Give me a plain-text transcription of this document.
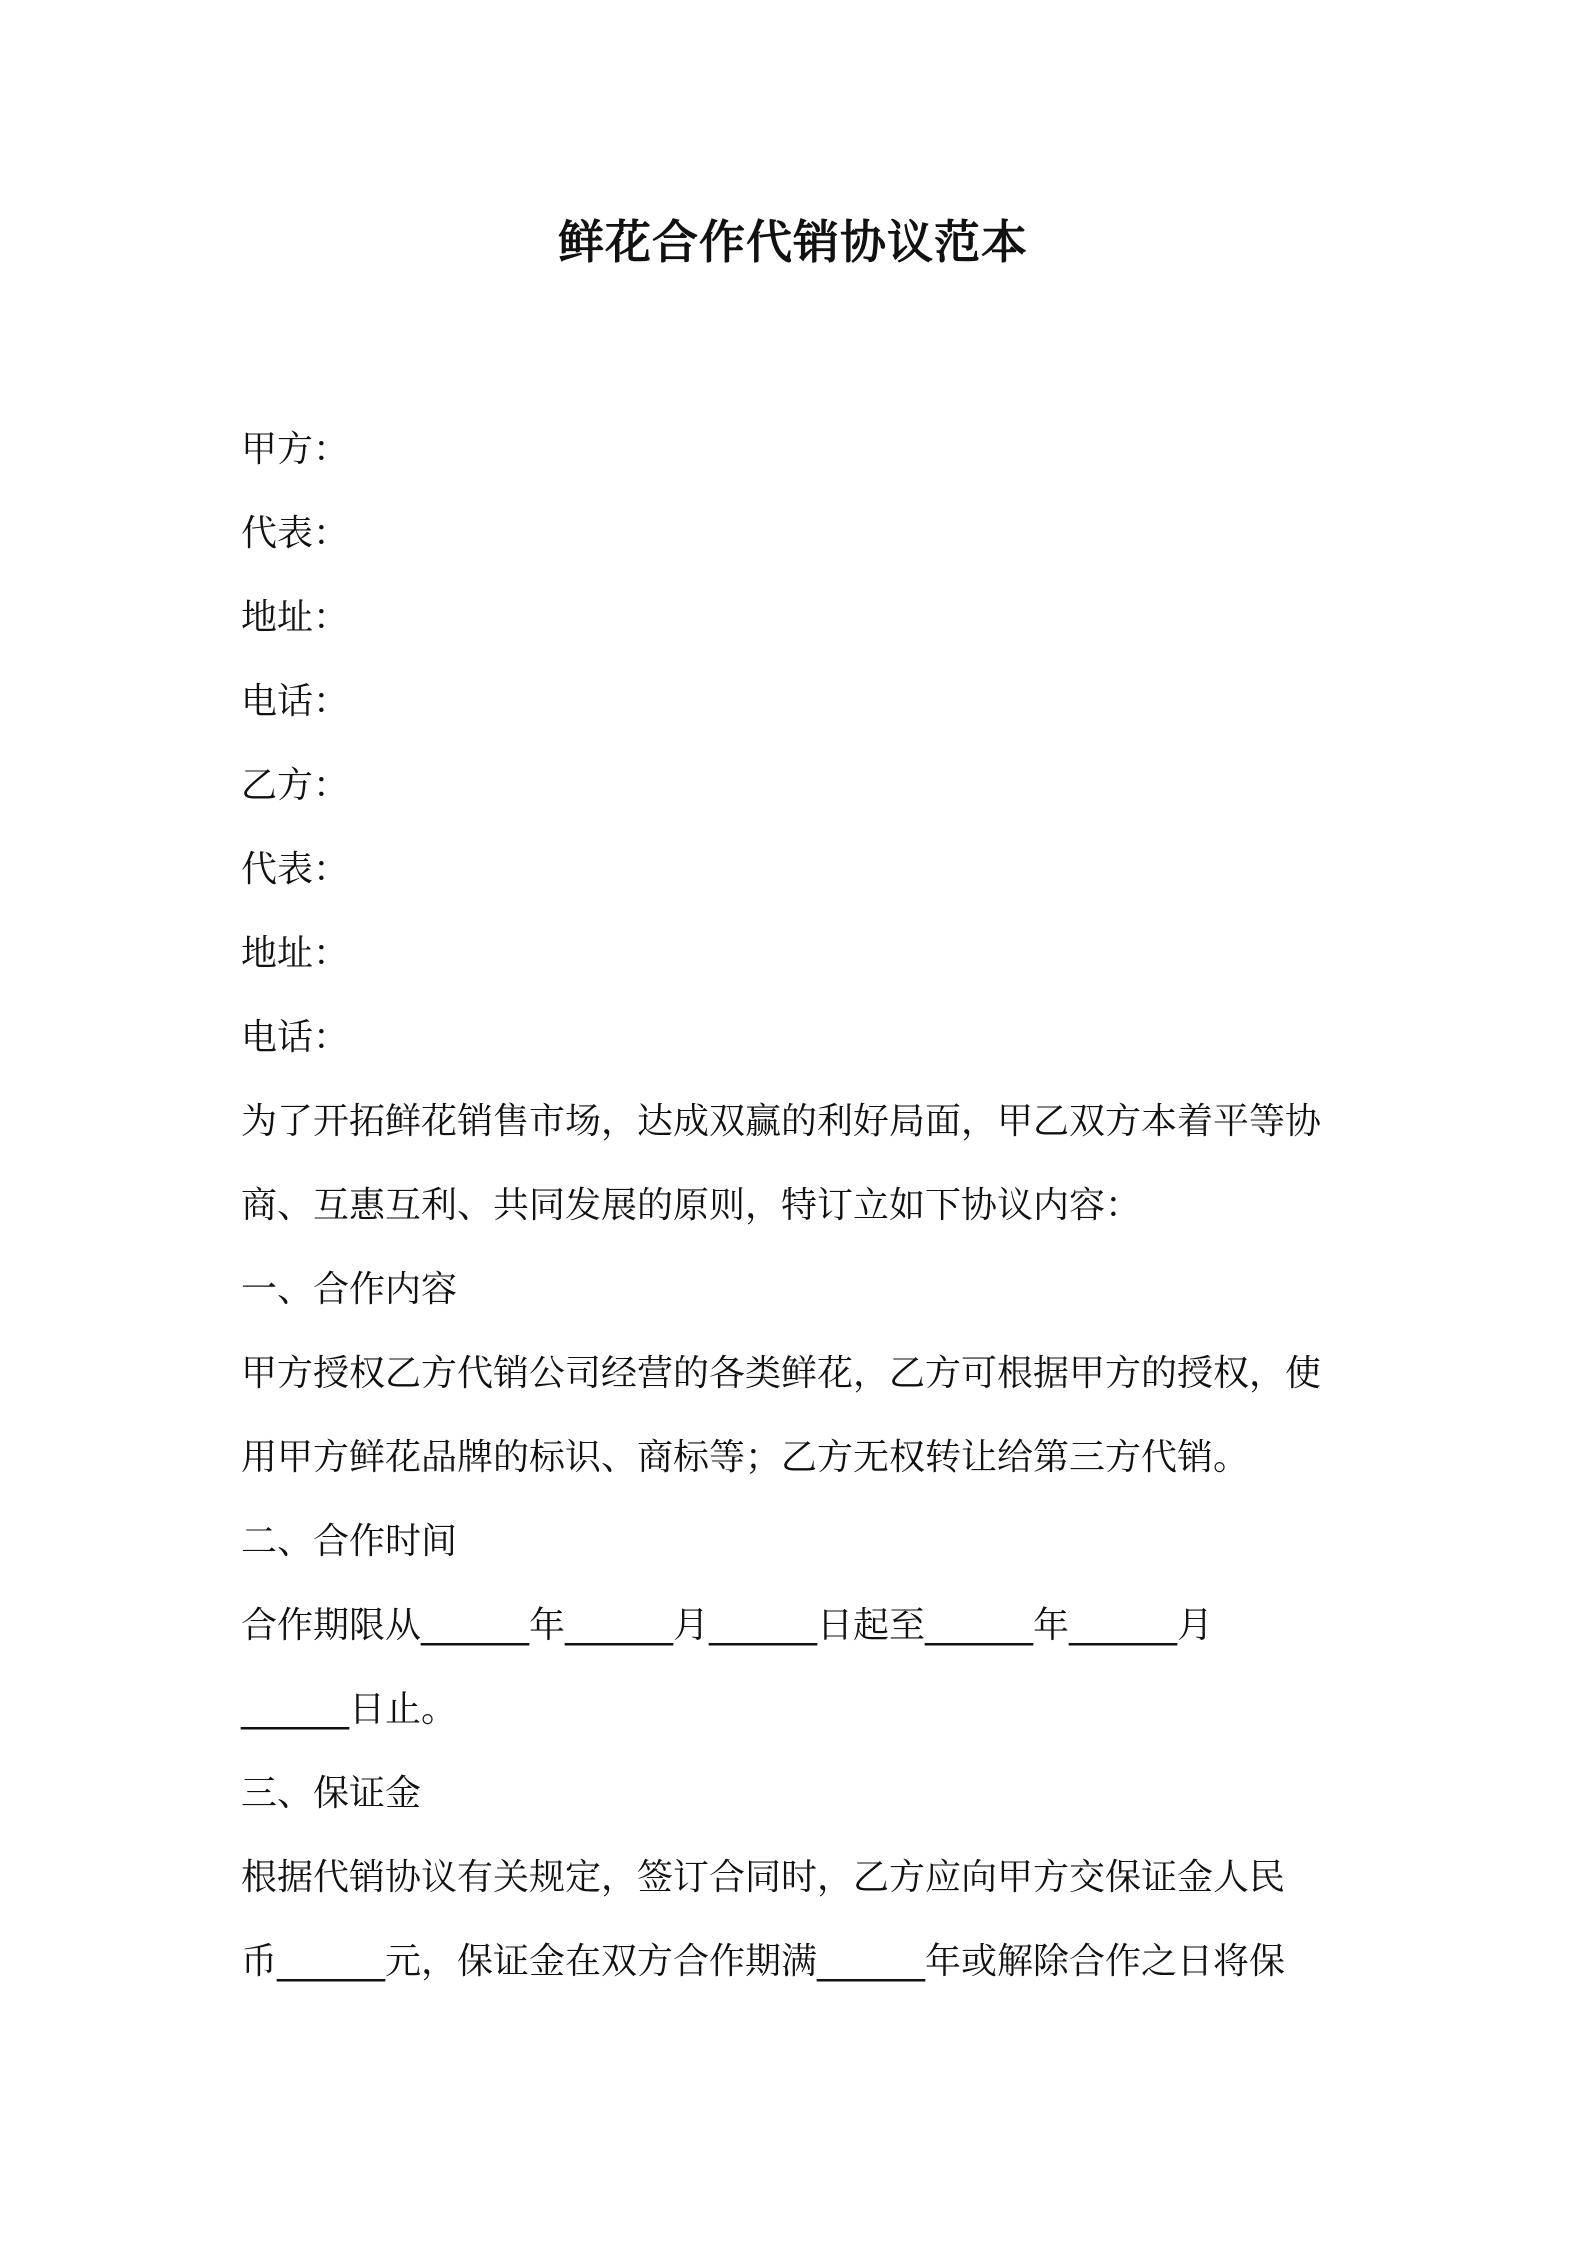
鲜花合作代销协议范本
甲方：
代表：
地址：
电话：
乙方：
代表：
地址：
电话：
为了开拓鲜花销售市场，达成双赢的利好局面，甲乙双方本着平等协
商、互惠互利、共同发展的原则，特订立如下协议内容：
一、合作内容
甲方授权乙方代销公司经营的各类鲜花，乙方可根据甲方的授权，使
用甲方鲜花品牌的标识、商标等；乙方无权转让给第三方代销。
二、合作时间
合作期限从______年______月______日起至______年______月
______日止。
三、保证金
根据代销协议有关规定，签订合同时，乙方应向甲方交保证金人民
币______元，保证金在双方合作期满______年或解除合作之日将保
